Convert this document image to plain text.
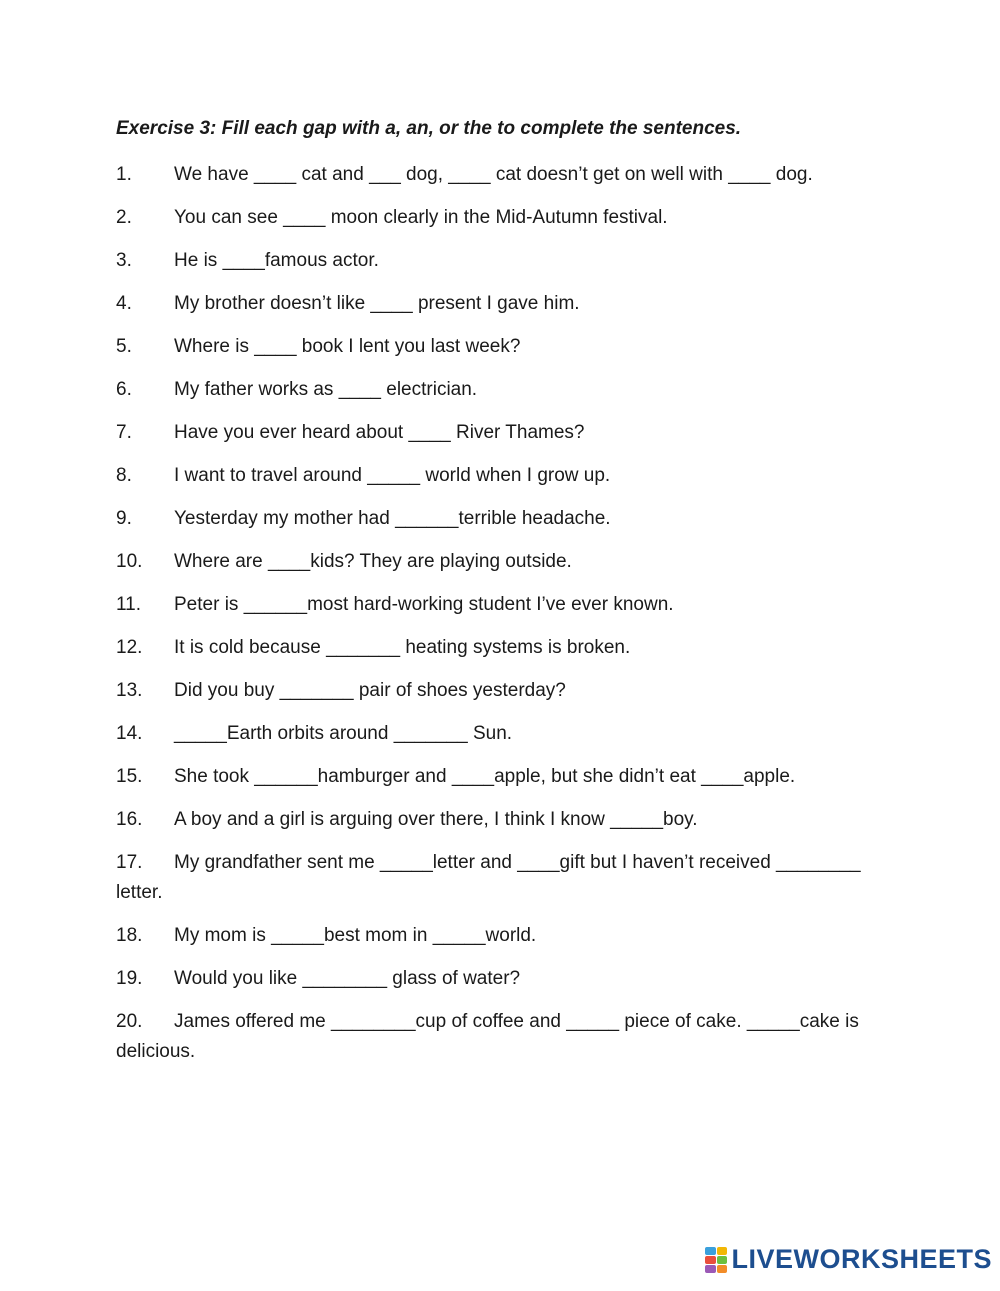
Exercise 3: Fill each gap with a, an, or the to complete the sentences.
1. We have ____ cat and ___ dog, ____ cat doesn’t get on well with ____ dog.
2. You can see ____ moon clearly in the Mid-Autumn festival.
3. He is ____famous actor.
4. My brother doesn’t like ____ present I gave him.
5. Where is ____ book I lent you last week?
6. My father works as ____ electrician.
7. Have you ever heard about ____ River Thames?
8. I want to travel around _____ world when I grow up.
9. Yesterday my mother had ______terrible headache.
10. Where are ____kids? They are playing outside.
11. Peter is ______most hard-working student I’ve ever known.
12. It is cold because _______ heating systems is broken.
13. Did you buy _______ pair of shoes yesterday?
14. _____Earth orbits around _______ Sun.
15. She took ______hamburger and ____apple, but she didn’t eat ____apple.
16. A boy and a girl is arguing over there, I think I know _____boy.
17. My grandfather sent me _____letter and ____gift but I haven’t received ________ letter.
18. My mom is _____best mom in _____world.
19. Would you like ________ glass of water?
20. James offered me ________cup of coffee and _____ piece of cake. _____cake is delicious.
LIVEWORKSHEETS
